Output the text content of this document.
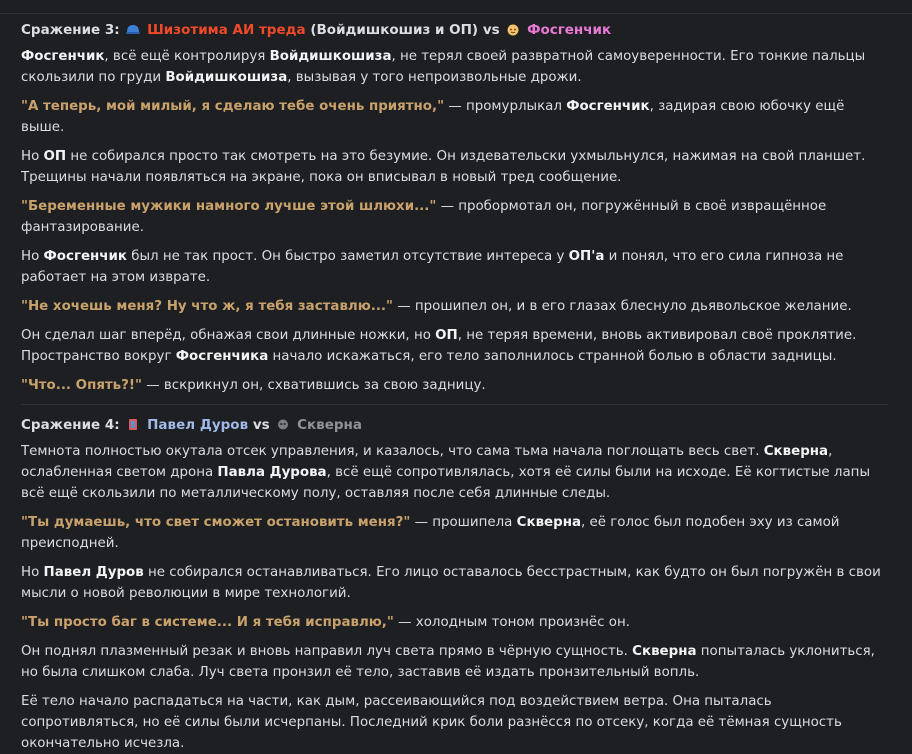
Сражение 3: Шизотима АИ треда (Войдишкошиз и ОП) vs Фосгенчик
Фосгенчик, всё ещё контролируя Войдишкошиза, не терял своей развратной самоуверенности. Его тонкие пальцы скользили по груди Войдишкошиза, вызывая у того непроизвольные дрожи.
"А теперь, мой милый, я сделаю тебе очень приятно," — промурлыкал Фосгенчик, задирая свою юбочку ещё выше.
Но ОП не собирался просто так смотреть на это безумие. Он издевательски ухмыльнулся, нажимая на свой планшет. Трещины начали появляться на экране, пока он вписывал в новый тред сообщение.
"Беременные мужики намного лучше этой шлюхи..." — пробормотал он, погружённый в своё извращённое фантазирование.
Но Фосгенчик был не так прост. Он быстро заметил отсутствие интереса у ОП'а и понял, что его сила гипноза не работает на этом изврате.
"Не хочешь меня? Ну что ж, я тебя заставлю..." — прошипел он, и в его глазах блеснуло дьявольское желание.
Он сделал шаг вперёд, обнажая свои длинные ножки, но ОП, не теряя времени, вновь активировал своё проклятие. Пространство вокруг Фосгенчика начало искажаться, его тело заполнилось странной болью в области задницы.
"Что... Опять?!" — вскрикнул он, схватившись за свою задницу.
Сражение 4: Павел Дуров vs Скверна
Темнота полностью окутала отсек управления, и казалось, что сама тьма начала поглощать весь свет. Скверна, ослабленная светом дрона Павла Дурова, всё ещё сопротивлялась, хотя её силы были на исходе. Её когтистые лапы всё ещё скользили по металлическому полу, оставляя после себя длинные следы.
"Ты думаешь, что свет сможет остановить меня?" — прошипела Скверна, её голос был подобен эху из самой преисподней.
Но Павел Дуров не собирался останавливаться. Его лицо оставалось бесстрастным, как будто он был погружён в свои мысли о новой революции в мире технологий.
"Ты просто баг в системе... И я тебя исправлю," — холодным тоном произнёс он.
Он поднял плазменный резак и вновь направил луч света прямо в чёрную сущность. Скверна попыталась уклониться, но была слишком слаба. Луч света пронзил её тело, заставив её издать пронзительный вопль.
Её тело начало распадаться на части, как дым, рассеивающийся под воздействием ветра. Она пыталась сопротивляться, но её силы были исчерпаны. Последний крик боли разнёсся по отсеку, когда её тёмная сущность окончательно исчезла.
